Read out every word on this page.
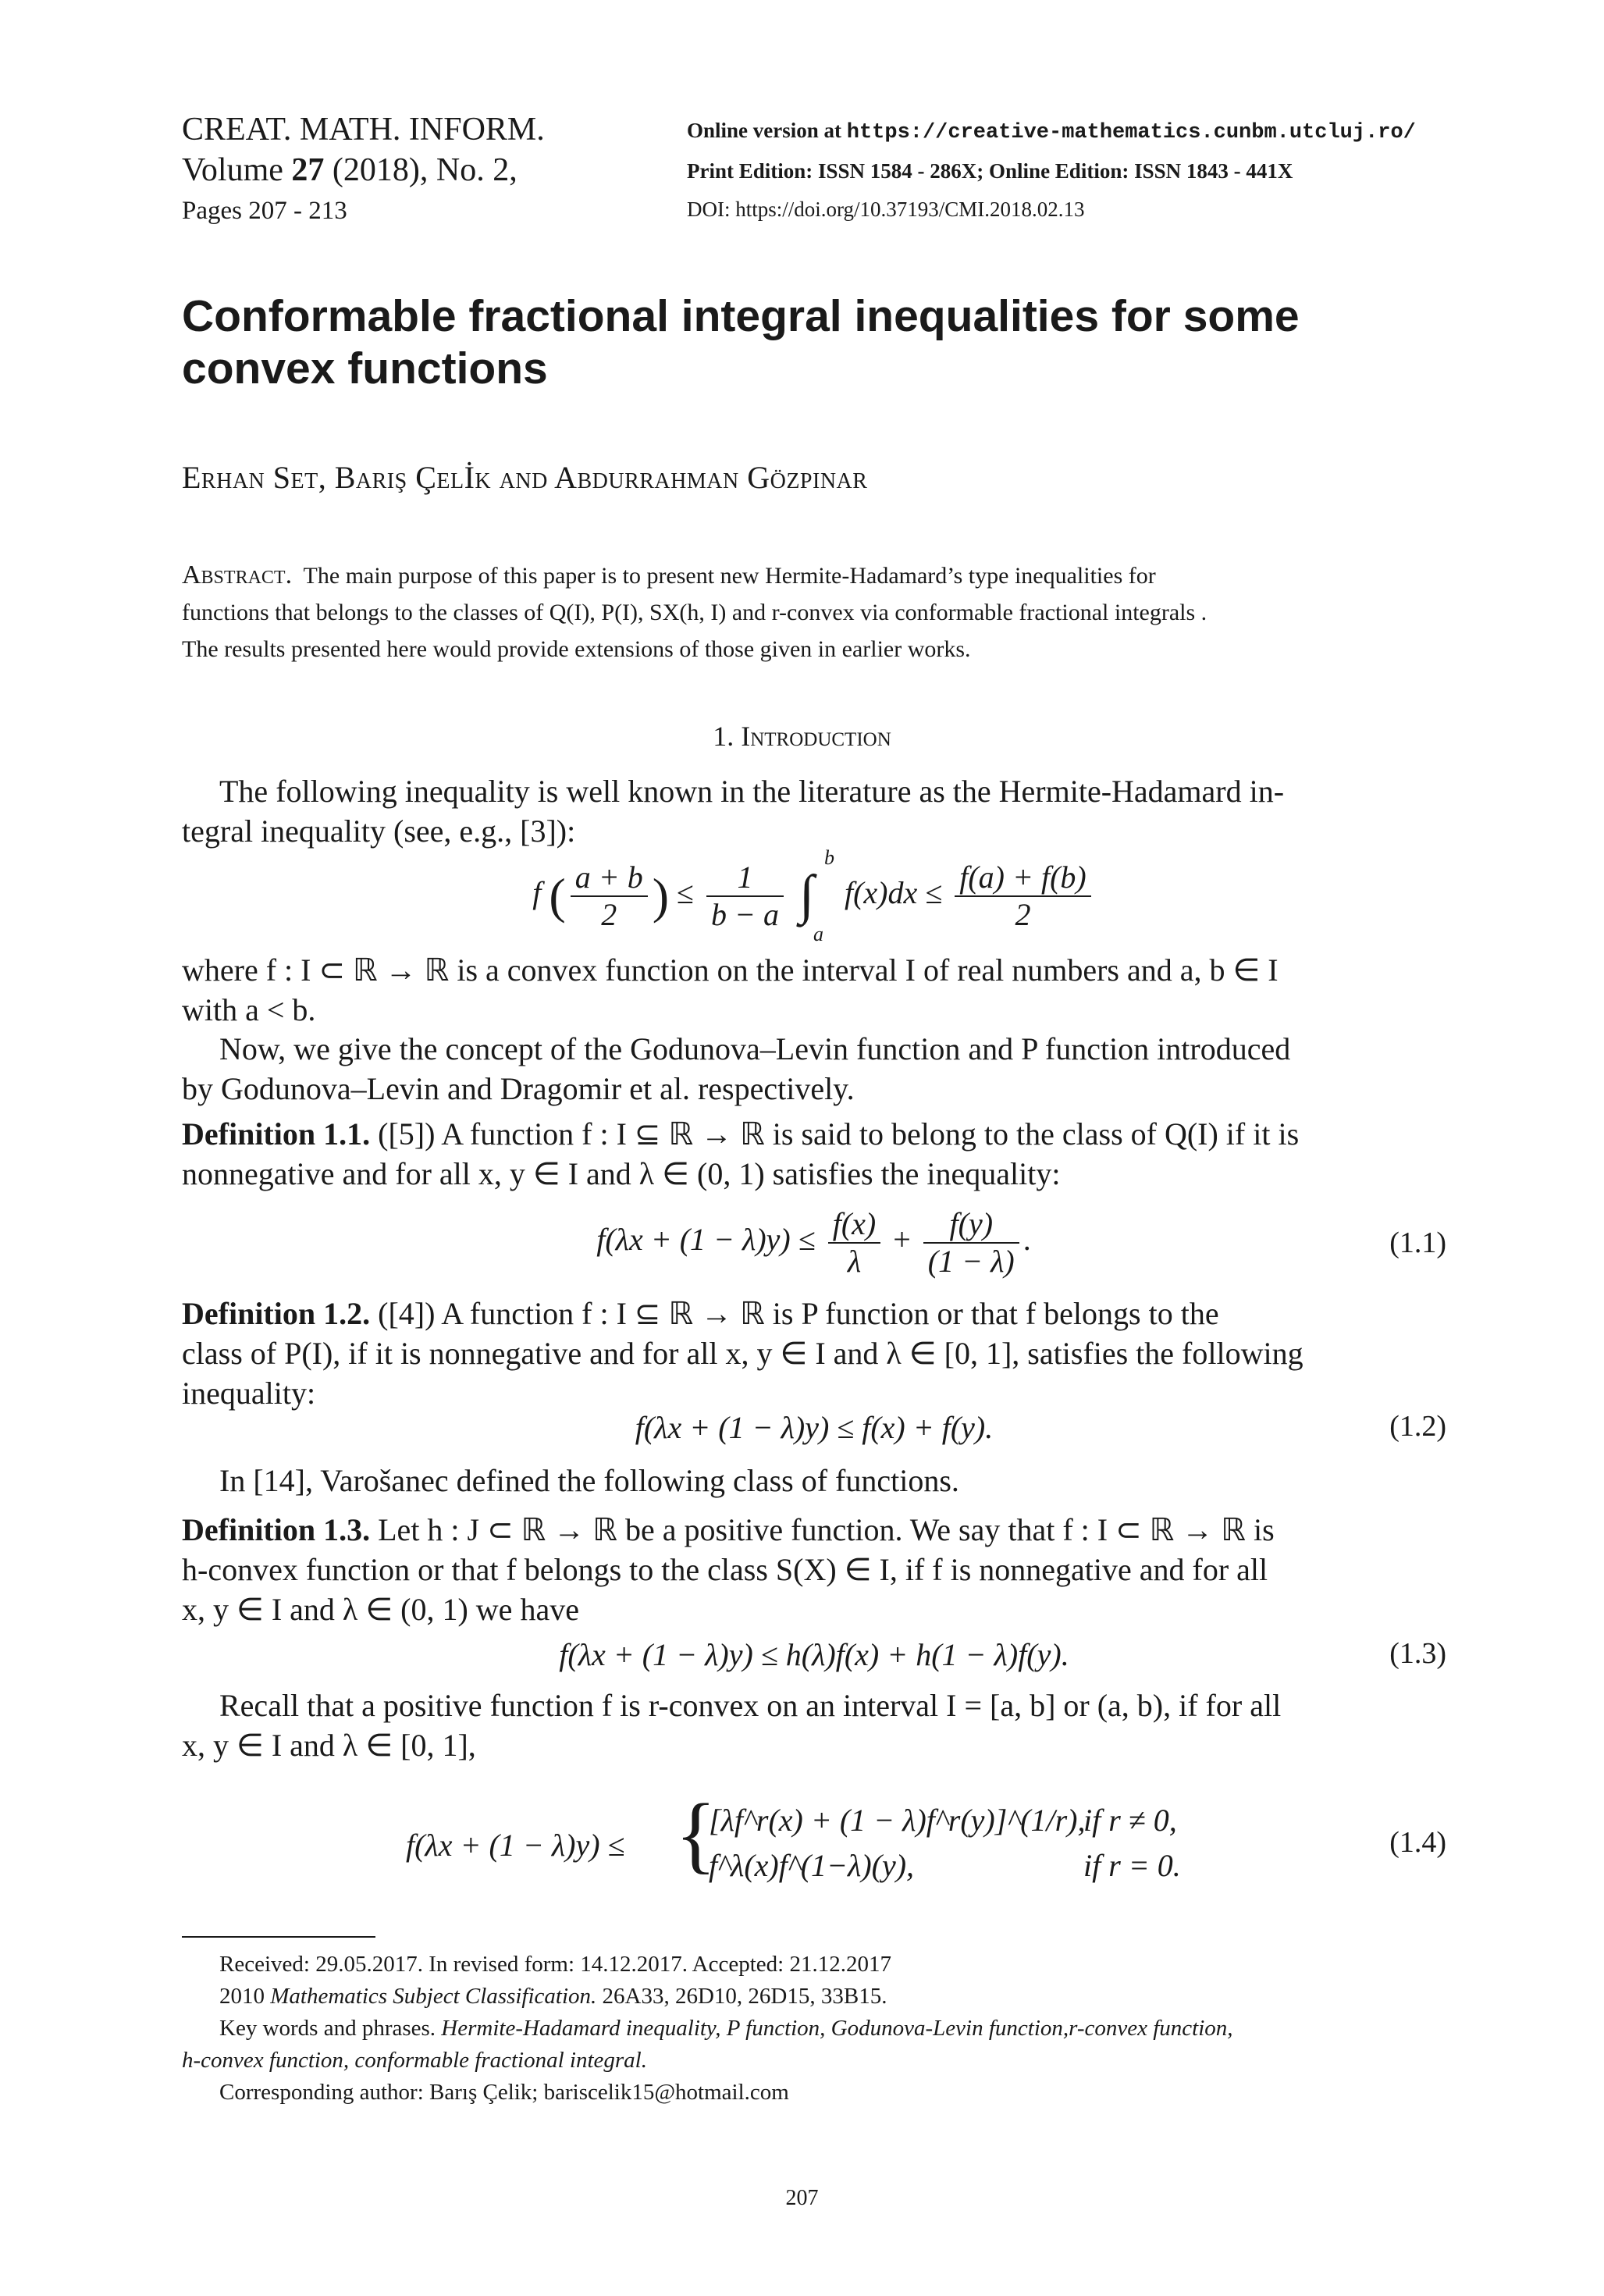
CREAT. MATH. INFORM.
Volume 27 (2018), No. 2,
Pages 207 - 213
Online version at https://creative-mathematics.cunbm.utcluj.ro/
Print Edition: ISSN 1584 - 286X; Online Edition: ISSN 1843 - 441X
DOI: https://doi.org/10.37193/CMI.2018.02.13
Conformable fractional integral inequalities for some
convex functions
Erhan Set, Barış Çelİk and Abdurrahman Gözpinar
Abstract. The main purpose of this paper is to present new Hermite-Hadamard’s type inequalities for
functions that belongs to the classes of Q(I), P(I), SX(h, I) and r-convex via conformable fractional integrals .
The results presented here would provide extensions of those given in earlier works.
1. Introduction
The following inequality is well known in the literature as the Hermite-Hadamard in-
tegral inequality (see, e.g., [3]):
f ( $\frac{a + b}{2}$ ) ≤ $\frac{1}{b - a}$
∫
b
a
$f(x)dx \le \frac{f(a) + f(b)}{2}$
where f : I ⊂ ℝ → ℝ is a convex function on the interval I of real numbers and a, b ∈ I
with a < b.
Now, we give the concept of the Godunova–Levin function and P function introduced
by Godunova–Levin and Dragomir et al. respectively.
Definition 1.1. ([5]) A function f : I ⊆ ℝ → ℝ is said to belong to the class of Q(I) if it is
nonnegative and for all x, y ∈ I and λ ∈ (0, 1) satisfies the inequality:
$f(\lambda x + (1 - \lambda)y) \le \frac{f(x)}{\lambda} + \frac{f(y)}{(1 - \lambda)}$ .	(1.1)
Definition 1.2. ([4]) A function f : I ⊆ ℝ → ℝ is P function or that f belongs to the
class of P(I), if it is nonnegative and for all x, y ∈ I and λ ∈ [0, 1], satisfies the following
inequality:
f(λx + (1 − λ)y) ≤ f(x) + f(y).	(1.2)
In [14], Varošanec defined the following class of functions.
Definition 1.3. Let h : J ⊂ ℝ → ℝ be a positive function. We say that f : I ⊂ ℝ → ℝ is
h-convex function or that f belongs to the class S(X) ∈ I, if f is nonnegative and for all
x, y ∈ I and λ ∈ (0, 1) we have
f(λx + (1 − λ)y) ≤ h(λ)f(x) + h(1 − λ)f(y).	(1.3)
Recall that a positive function f is r-convex on an interval I = [a, b] or (a, b), if for all
x, y ∈ I and λ ∈ [0, 1],
f(λx + (1 − λ)y) ≤ {
[λf^r(x) + (1 − λ)f^r(y)]^(1/r),
if r ≠ 0,
f^λ(x)f^(1−λ)(y),	if r = 0.
(1.4)
Received: 29.05.2017. In revised form: 14.12.2017. Accepted: 21.12.2017
2010 Mathematics Subject Classification. 26A33, 26D10, 26D15, 33B15.
Key words and phrases. Hermite-Hadamard inequality, P function, Godunova-Levin function,r-convex function,
h-convex function, conformable fractional integral.
Corresponding author: Barış Çelik; bariscelik15@hotmail.com
207
